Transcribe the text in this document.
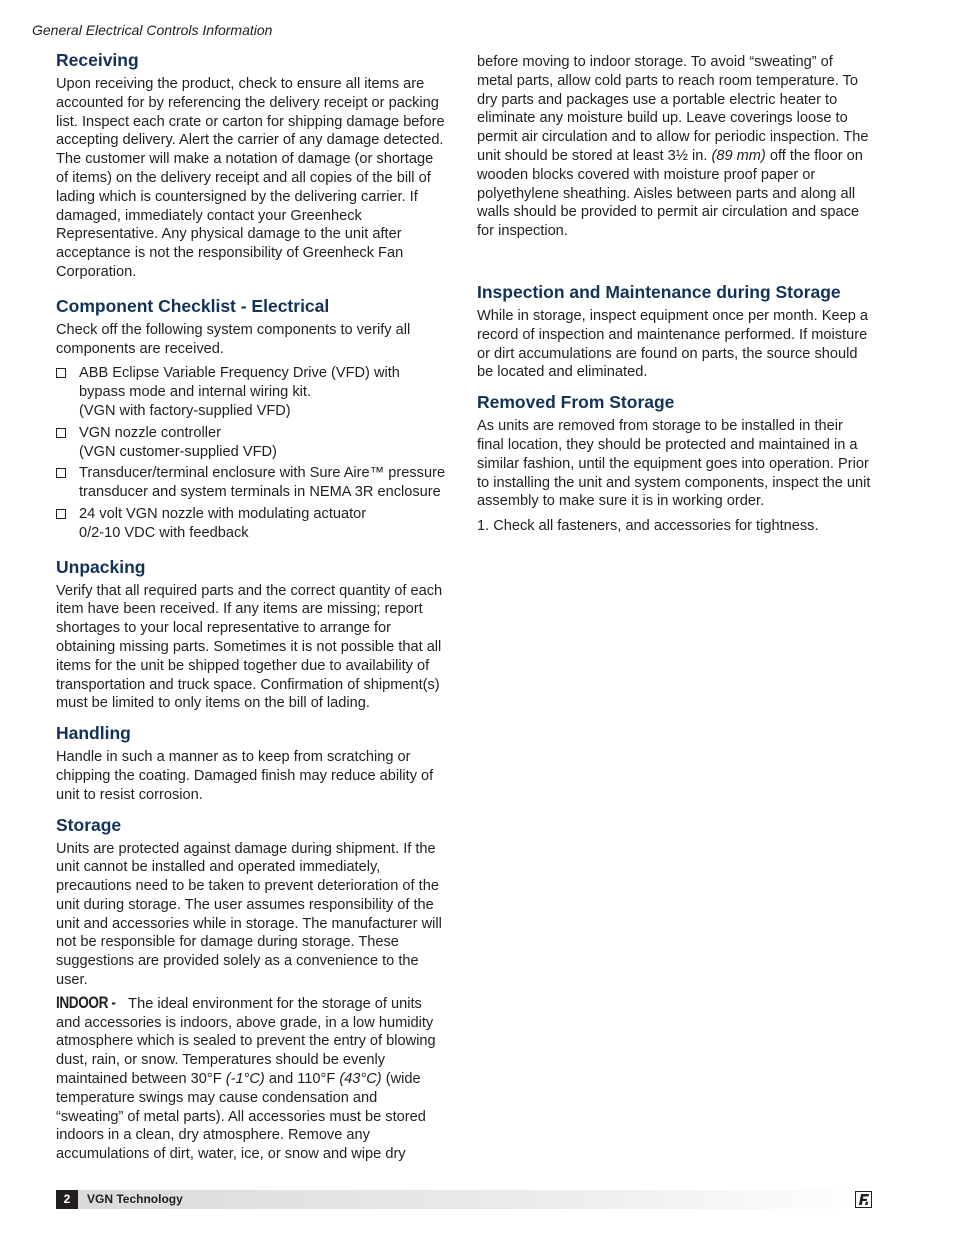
General Electrical Controls Information
Receiving

Upon receiving the product, check to ensure all items are accounted for by referencing the delivery receipt or packing list. Inspect each crate or carton for shipping damage before accepting delivery. Alert the carrier of any damage detected. The customer will make a notation of damage (or shortage of items) on the delivery receipt and all copies of the bill of lading which is countersigned by the delivering carrier. If damaged, immediately contact your Greenheck Representative. Any physical damage to the unit after acceptance is not the responsibility of Greenheck Fan Corporation.

Component Checklist - Electrical

Check off the following system components to verify all components are received.

ABB Eclipse Variable Frequency Drive (VFD) with bypass mode and internal wiring kit.
(VGN with factory-supplied VFD)
VGN nozzle controller
(VGN customer-supplied VFD)
Transducer/terminal enclosure with Sure Aire™ pressure transducer and system terminals in NEMA 3R enclosure
24 volt VGN nozzle with modulating actuator
0/2-10 VDC with feedback
Unpacking

Verify that all required parts and the correct quantity of each item have been received. If any items are missing; report shortages to your local representative to arrange for obtaining missing parts. Sometimes it is not possible that all items for the unit be shipped together due to availability of transportation and truck space. Confirmation of shipment(s) must be limited to only items on the bill of lading.

Handling

Handle in such a manner as to keep from scratching or chipping the coating. Damaged finish may reduce ability of unit to resist corrosion.

Storage

Units are protected against damage during shipment. If the unit cannot be installed and operated immediately, precautions need to be taken to prevent deterioration of the unit during storage. The user assumes responsibility of the unit and accessories while in storage. The manufacturer will not be responsible for damage during storage. These suggestions are provided solely as a convenience to the user.

INDOOR - The ideal environment for the storage of units and accessories is indoors, above grade, in a low humidity atmosphere which is sealed to prevent the entry of blowing dust, rain, or snow. Temperatures should be evenly maintained between 30°F (-1°C) and 110°F (43°C) (wide temperature swings may cause condensation and “sweating” of metal parts). All accessories must be stored indoors in a clean, dry atmosphere. Remove any accumulations of dirt, water, ice, or snow and wipe dry

Inspection and Maintenance during Storage

While in storage, inspect equipment once per month. Keep a record of inspection and maintenance performed. If moisture or dirt accumulations are found on parts, the source should be located and eliminated.

Removed From Storage

As units are removed from storage to be installed in their final location, they should be protected and maintained in a similar fashion, until the equipment goes into operation. Prior to installing the unit and system components, inspect the unit assembly to make sure it is in working order.

1. Check all fasteners, and accessories for tightness.
2	VGN Technology

before moving to indoor storage. To avoid “sweating” of metal parts, allow cold parts to reach room temperature. To dry parts and packages use a portable electric heater to eliminate any moisture build up. Leave coverings loose to permit air circulation and to allow for periodic inspection. The unit should be stored at least 3½ in. (89 mm) off the floor on wooden blocks covered with moisture proof paper or polyethylene sheathing. Aisles between parts and along all walls should be provided to permit air circulation and space for inspection.
